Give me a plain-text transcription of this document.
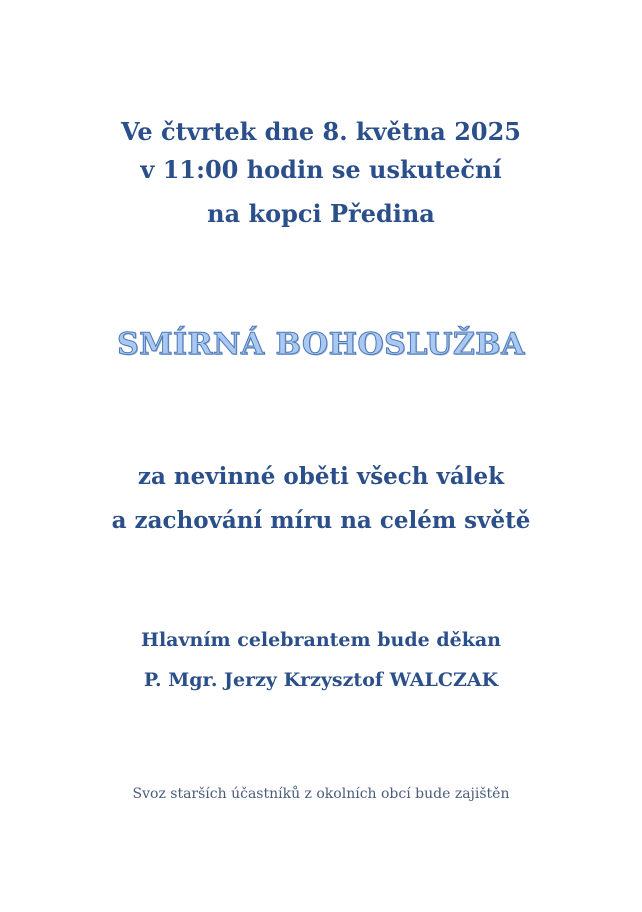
Ve čtvrtek dne 8. května 2025
v 11:00 hodin se uskuteční
na kopci Předina
SMÍRNÁ BOHOSLUŽBA
za nevinné oběti všech válek
a zachování míru na celém světě
Hlavním celebrantem bude děkan
P. Mgr. Jerzy Krzysztof WALCZAK
Svoz starších účastníků z okolních obcí bude zajištěn
